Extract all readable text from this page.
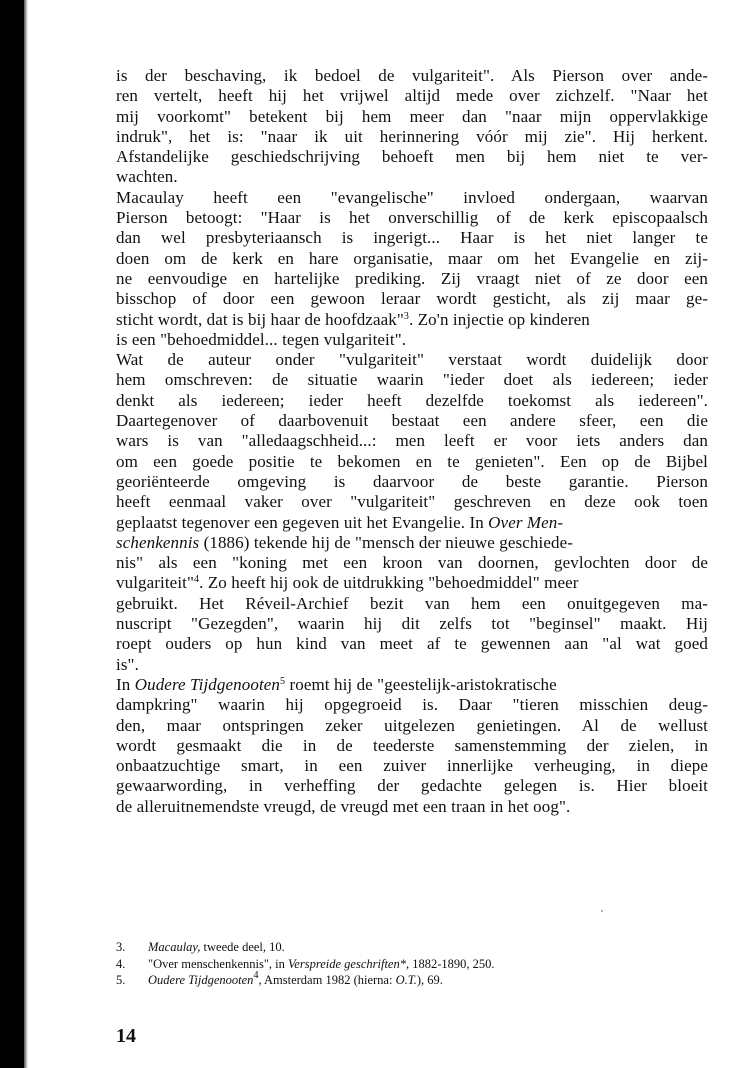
is der beschaving, ik bedoel de vulgariteit". Als Pierson over ande-
ren vertelt, heeft hij het vrijwel altijd mede over zichzelf. "Naar het
mij voorkomt" betekent bij hem meer dan "naar mijn oppervlakkige
indruk", het is: "naar ik uit herinnering vóór mij zie". Hij herkent.
Afstandelijke geschiedschrijving behoeft men bij hem niet te ver-
wachten.
Macaulay heeft een "evangelische" invloed ondergaan, waarvan
Pierson betoogt: "Haar is het onverschillig of de kerk episcopaalsch
dan wel presbyteriaansch is ingerigt... Haar is het niet langer te
doen om de kerk en hare organisatie, maar om het Evangelie en zij-
ne eenvoudige en hartelijke prediking. Zij vraagt niet of ze door een
bisschop of door een gewoon leraar wordt gesticht, als zij maar ge-
sticht wordt, dat is bij haar de hoofdzaak"$^3$. Zo'n injectie op kinderen
is een "behoedmiddel... tegen vulgariteit".
Wat de auteur onder "vulgariteit" verstaat wordt duidelijk door
hem omschreven: de situatie waarin "ieder doet als iedereen; ieder
denkt als iedereen; ieder heeft dezelfde toekomst als iedereen".
Daartegenover of daarbovenuit bestaat een andere sfeer, een die
wars is van "alledaagschheid...: men leeft er voor iets anders dan
om een goede positie te bekomen en te genieten". Een op de Bijbel
georiënteerde omgeving is daarvoor de beste garantie. Pierson
heeft eenmaal vaker over "vulgariteit" geschreven en deze ook toen
geplaatst tegenover een gegeven uit het Evangelie. In Over Men-
schenkennis (1886) tekende hij de "mensch der nieuwe geschiede-
nis" als een "koning met een kroon van doornen, gevlochten door de
vulgariteit"$^4$. Zo heeft hij ook de uitdrukking "behoedmiddel" meer
gebruikt. Het Réveil-Archief bezit van hem een onuitgegeven ma-
nuscript "Gezegden", waarin hij dit zelfs tot "beginsel" maakt. Hij
roept ouders op hun kind van meet af te gewennen aan "al wat goed
is".
In Oudere Tijdgenooten$^5$ roemt hij de "geestelijk-aristokratische
dampkring" waarin hij opgegroeid is. Daar "tieren misschien deug-
den, maar ontspringen zeker uitgelezen genietingen. Al de wellust
wordt gesmaakt die in de teederste samenstemming der zielen, in
onbaatzuchtige smart, in een zuiver innerlijke verheuging, in diepe
gewaarwording, in verheffing der gedachte gelegen is. Hier bloeit
de alleruitnemendste vreugd, de vreugd met een traan in het oog".
3. Macaulay, tweede deel, 10.
4. "Over menschenkennis", in Verspreide geschriften*, 1882-1890, 250.
5. Oudere Tijdgenooten$^4$, Amsterdam 1982 (hierna: O.T.), 69.
14
